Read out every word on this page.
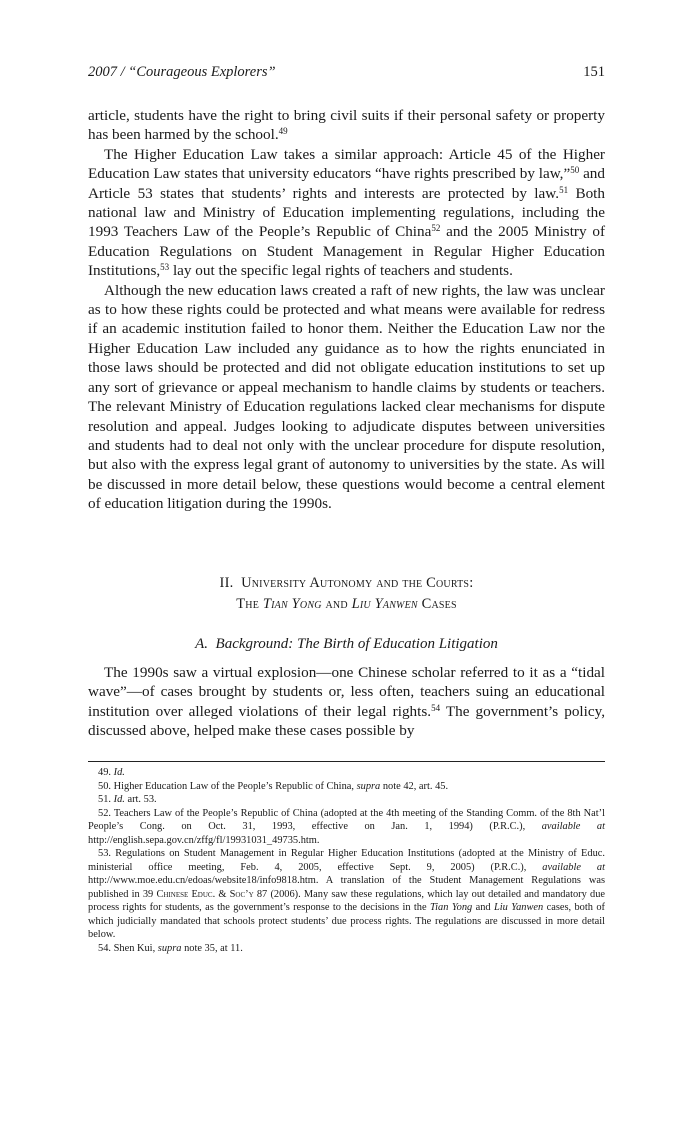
2007 / “Courageous Explorers”	151

article, students have the right to bring civil suits if their personal safety or property has been harmed by the school.$^{49}$

The Higher Education Law takes a similar approach: Article 45 of the Higher Education Law states that university educators “have rights prescribed by law,”$^{50}$ and Article 53 states that students’ rights and interests are protected by law.$^{51}$ Both national law and Ministry of Education implementing regulations, including the 1993 Teachers Law of the People’s Republic of China$^{52}$ and the 2005 Ministry of Education Regulations on Student Management in Regular Higher Education Institutions,$^{53}$ lay out the specific legal rights of teachers and students.

Although the new education laws created a raft of new rights, the law was unclear as to how these rights could be protected and what means were available for redress if an academic institution failed to honor them. Neither the Education Law nor the Higher Education Law included any guidance as to how the rights enunciated in those laws should be protected and did not obligate education institutions to set up any sort of grievance or appeal mechanism to handle claims by students or teachers. The relevant Ministry of Education regulations lacked clear mechanisms for dispute resolution and appeal. Judges looking to adjudicate disputes between universities and students had to deal not only with the unclear procedure for dispute resolution, but also with the express legal grant of autonomy to universities by the state. As will be discussed in more detail below, these questions would become a central element of education litigation during the 1990s.

II. University Autonomy and the Courts:
The Tian Yong and Liu Yanwen Cases
A. Background: The Birth of Education Litigation

The 1990s saw a virtual explosion—one Chinese scholar referred to it as a “tidal wave”—of cases brought by students or, less often, teachers suing an educational institution over alleged violations of their legal rights.$^{54}$ The government’s policy, discussed above, helped make these cases possible by

49. Id.

50. Higher Education Law of the People’s Republic of China, supra note 42, art. 45.

51. Id. art. 53.

52. Teachers Law of the People’s Republic of China (adopted at the 4th meeting of the Standing Comm. of the 8th Nat’l People’s Cong. on Oct. 31, 1993, effective on Jan. 1, 1994) (P.R.C.), available at http://english.sepa.gov.cn/zffg/fl/19931031_49735.htm.

53. Regulations on Student Management in Regular Higher Education Institutions (adopted at the Ministry of Educ. ministerial office meeting, Feb. 4, 2005, effective Sept. 9, 2005) (P.R.C.), available at http://www.moe.edu.cn/edoas/website18/info9818.htm. A translation of the Student Management Regulations was published in 39 Chinese Educ. & Soc’y 87 (2006). Many saw these regulations, which lay out detailed and mandatory due process rights for students, as the government’s response to the decisions in the Tian Yong and Liu Yanwen cases, both of which judicially mandated that schools protect students’ due process rights. The regulations are discussed in more detail below.

54. Shen Kui, supra note 35, at 11.
